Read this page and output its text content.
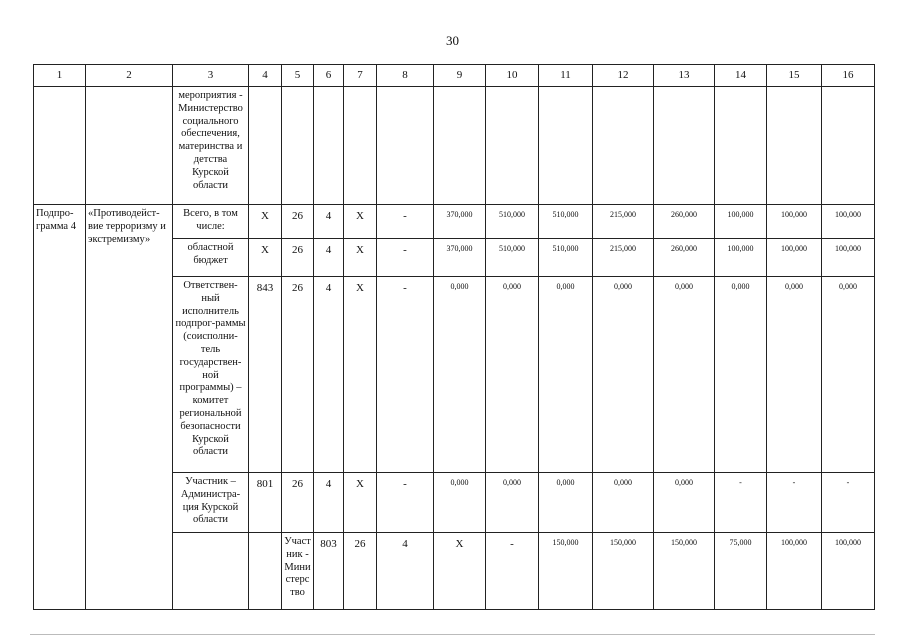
30
1	2	3	4	5	6	7	8	9	10	11	12	13	14	15	16	
		мероприятия - Министерство социального обеспечения, материнства и детства Курской области														
Подпро-грамма 4	«Противодейст-вие терроризму и экстремизму»	Всего, в том числе:	Х	26	4	Х	-	370,000	510,000	510,000	215,000	260,000	100,000	100,000	100,000	
		областной бюджет	Х	26	4	Х	-	370,000	510,000	510,000	215,000	260,000	100,000	100,000	100,000	
		Ответствен-ный исполнитель подпрог-раммы (соисполни-тель государствен-ной программы) – комитет региональной безопасности Курской области	843	26	4	Х	-	0,000	0,000	0,000	0,000	0,000	0,000	0,000	0,000	
		Участник – Администра-ция Курской области	801	26	4	Х	-	0,000	0,000	0,000	0,000	0,000	-	-	-	
				Участник - Министерство	803	26	4	Х	-	150,000	150,000	150,000	75,000	100,000	100,000		
